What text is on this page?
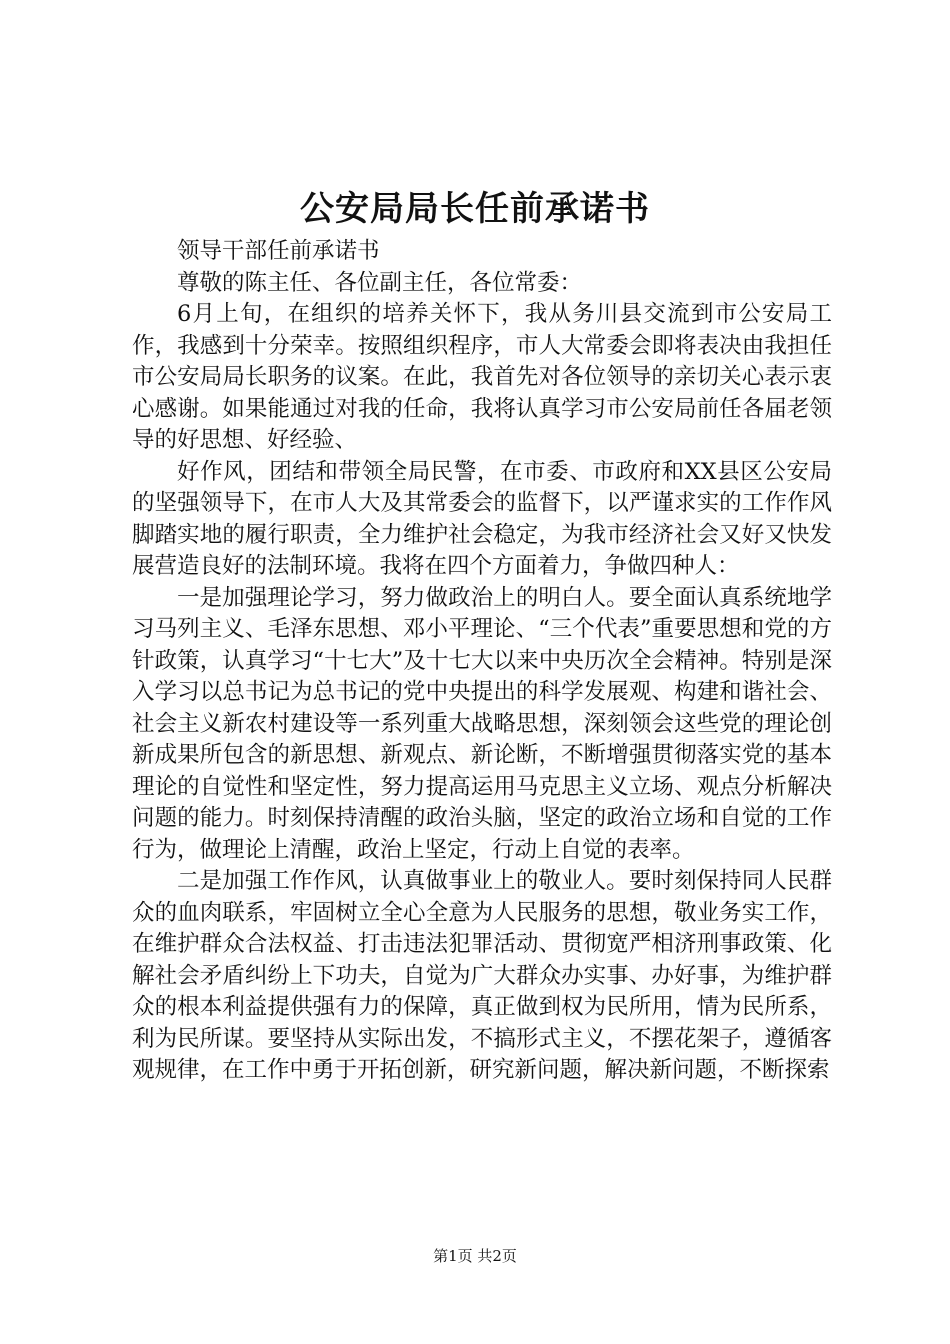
公安局局长任前承诺书

领导干部任前承诺书

尊敬的陈主任、各位副主任，各位常委：

6月上旬，在组织的培养关怀下，我从务川县交流到市公安局工作，我感到十分荣幸。按照组织程序，市人大常委会即将表决由我担任市公安局局长职务的议案。在此，我首先对各位领导的亲切关心表示衷心感谢。如果能通过对我的任命，我将认真学习市公安局前任各届老领导的好思想、好经验、

好作风，团结和带领全局民警，在市委、市政府和XX县区公安局的坚强领导下，在市人大及其常委会的监督下，以严谨求实的工作作风脚踏实地的履行职责，全力维护社会稳定，为我市经济社会又好又快发展营造良好的法制环境。我将在四个方面着力，争做四种人：

一是加强理论学习，努力做政治上的明白人。要全面认真系统地学习马列主义、毛泽东思想、邓小平理论、“三个代表”重要思想和党的方针政策，认真学习“十七大”及十七大以来中央历次全会精神。特别是深入学习以总书记为总书记的党中央提出的科学发展观、构建和谐社会、社会主义新农村建设等一系列重大战略思想，深刻领会这些党的理论创新成果所包含的新思想、新观点、新论断，不断增强贯彻落实党的基本理论的自觉性和坚定性，努力提高运用马克思主义立场、观点分析解决问题的能力。时刻保持清醒的政治头脑，坚定的政治立场和自觉的工作行为，做理论上清醒，政治上坚定，行动上自觉的表率。

二是加强工作作风，认真做事业上的敬业人。要时刻保持同人民群众的血肉联系，牢固树立全心全意为人民服务的思想，敬业务实工作，在维护群众合法权益、打击违法犯罪活动、贯彻宽严相济刑事政策、化解社会矛盾纠纷上下功夫，自觉为广大群众办实事、办好事，为维护群众的根本利益提供强有力的保障，真正做到权为民所用，情为民所系，利为民所谋。要坚持从实际出发，不搞形式主义，不摆花架子，遵循客观规律，在工作中勇于开拓创新，研究新问题，解决新问题，不断探索

第1页 共2页
